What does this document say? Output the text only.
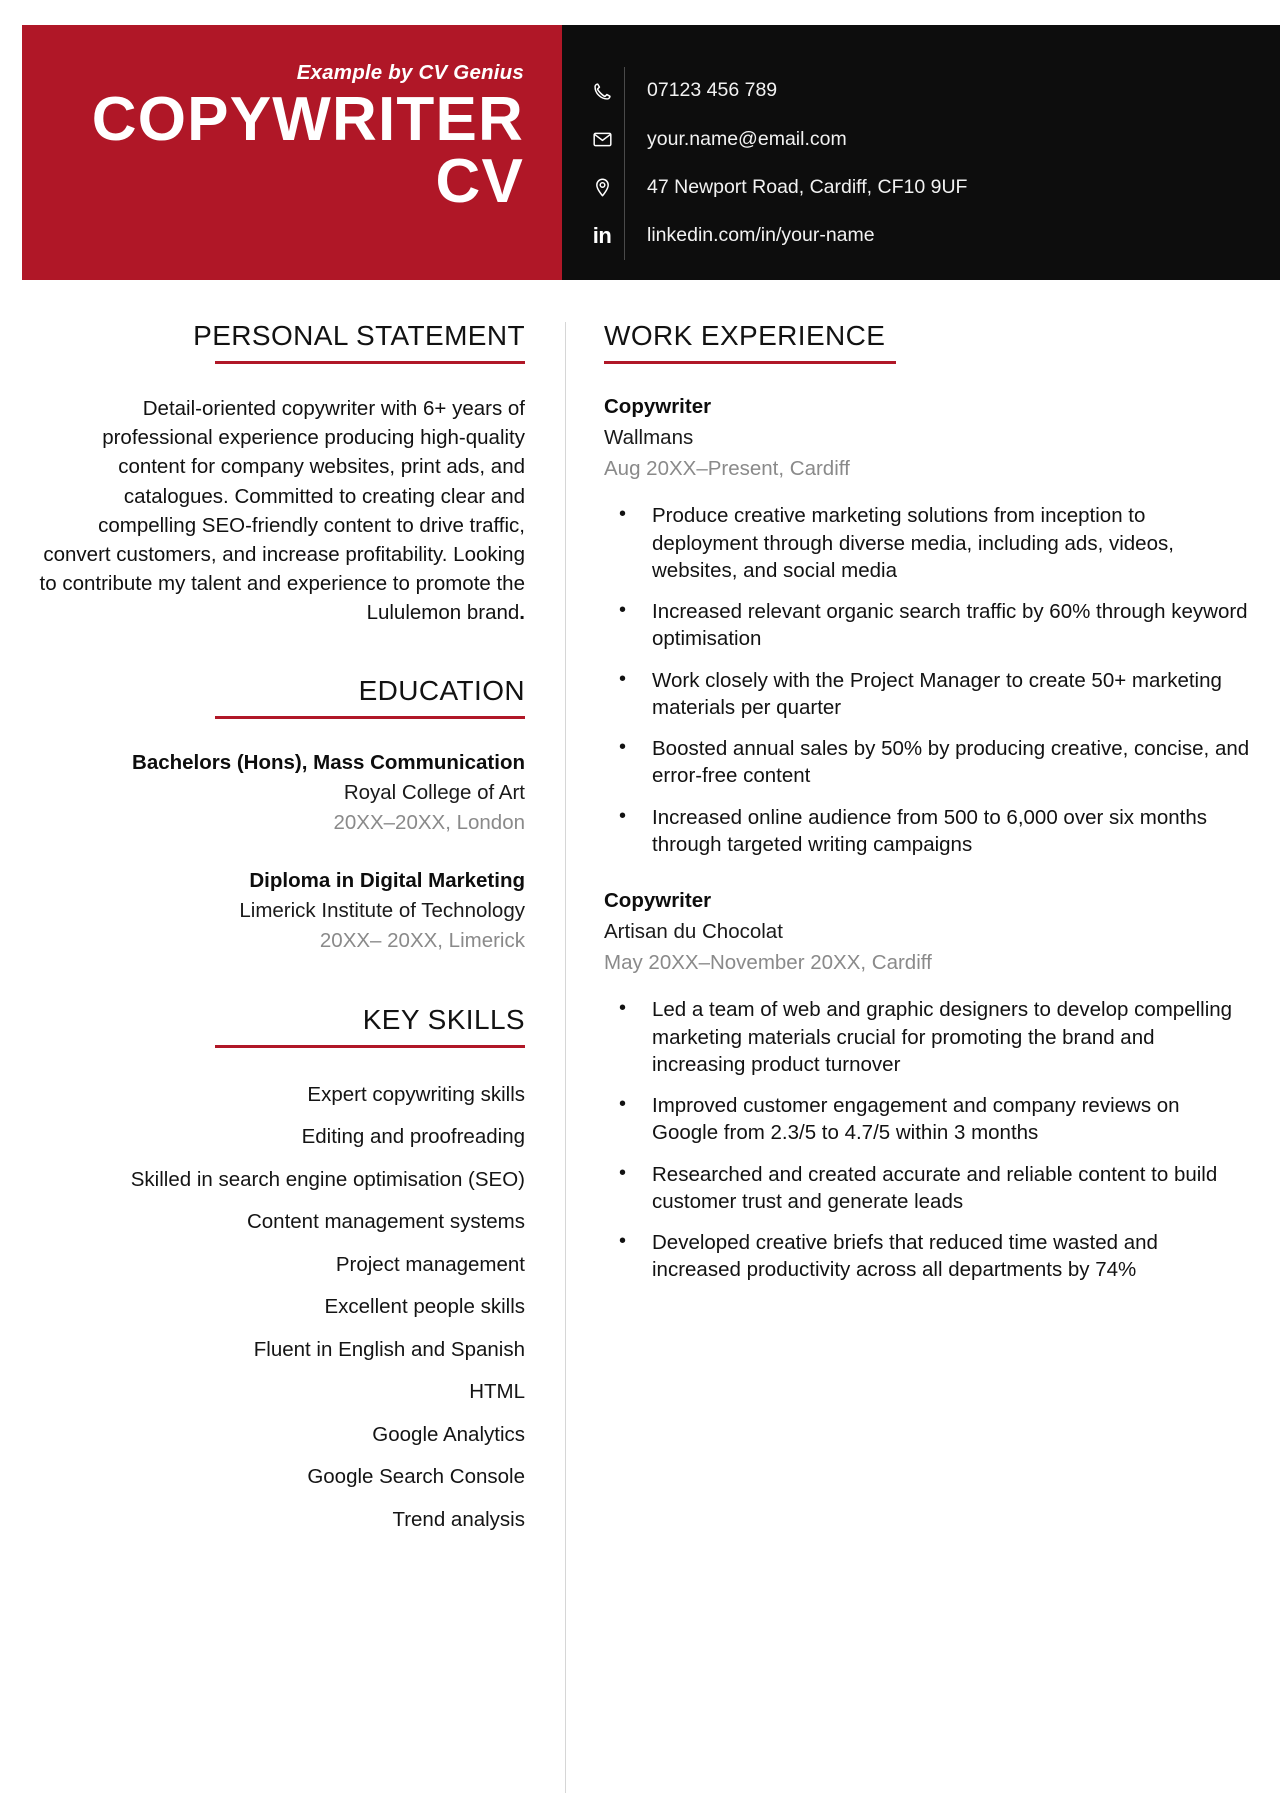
Example by CV Genius
COPYWRITER
CV
07123 456 789
your.name@email.com
47 Newport Road, Cardiff, CF10 9UF
in	linkedin.com/in/your-name
PERSONAL STATEMENT

Detail-oriented copywriter with 6+ years of professional experience producing high-quality content for company websites, print ads, and catalogues. Committed to creating clear and compelling SEO-friendly content to drive traffic, convert customers, and increase profitability. Looking to contribute my talent and experience to promote the Lululemon brand.

EDUCATION
Bachelors (Hons), Mass Communication
Royal College of Art
20XX–20XX, London
Diploma in Digital Marketing
Limerick Institute of Technology
20XX– 20XX, Limerick
KEY SKILLS
Expert copywriting skills
Editing and proofreading
Skilled in search engine optimisation (SEO)
Content management systems
Project management
Excellent people skills
Fluent in English and Spanish
HTML
Google Analytics
Google Search Console
Trend analysis
WORK EXPERIENCE
Copywriter
Wallmans
Aug 20XX–Present, Cardiff
• Produce creative marketing solutions from inception to deployment through diverse media, including ads, videos, websites, and social media
• Increased relevant organic search traffic by 60% through keyword optimisation
• Work closely with the Project Manager to create 50+ marketing materials per quarter
• Boosted annual sales by 50% by producing creative, concise, and error-free content
• Increased online audience from 500 to 6,000 over six months through targeted writing campaigns
Copywriter
Artisan du Chocolat
May 20XX–November 20XX, Cardiff
• Led a team of web and graphic designers to develop compelling marketing materials crucial for promoting the brand and increasing product turnover
• Improved customer engagement and company reviews on Google from 2.3/5 to 4.7/5 within 3 months
• Researched and created accurate and reliable content to build customer trust and generate leads
• Developed creative briefs that reduced time wasted and increased productivity across all departments by 74%
